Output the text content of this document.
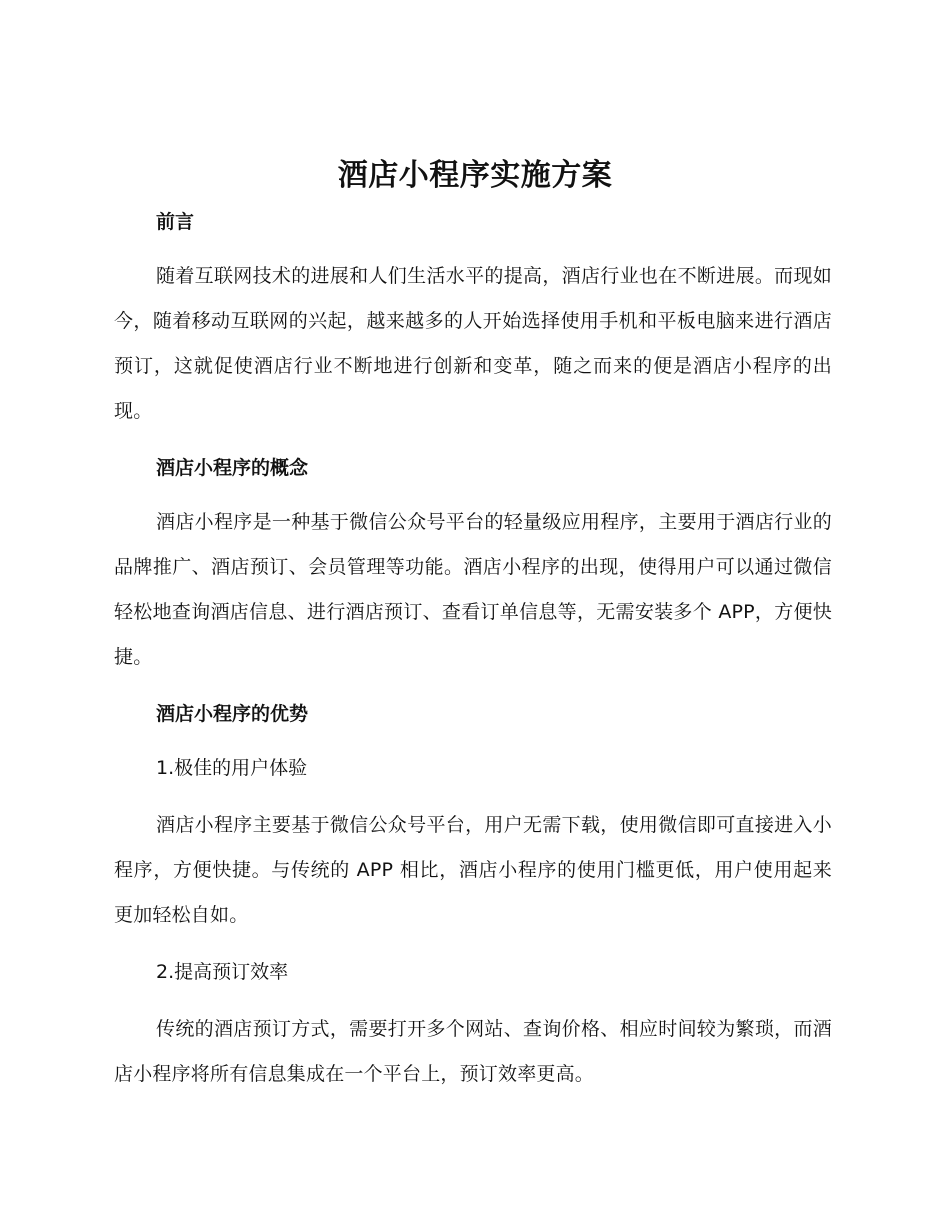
酒店小程序实施方案

前言

随着互联网技术的进展和人们生活水平的提高，酒店行业也在不断进展。而现如今，随着移动互联网的兴起，越来越多的人开始选择使用手机和平板电脑来进行酒店预订，这就促使酒店行业不断地进行创新和变革，随之而来的便是酒店小程序的出现。

酒店小程序的概念

酒店小程序是一种基于微信公众号平台的轻量级应用程序，主要用于酒店行业的品牌推广、酒店预订、会员管理等功能。酒店小程序的出现，使得用户可以通过微信轻松地查询酒店信息、进行酒店预订、查看订单信息等，无需安装多个 APP，方便快捷。

酒店小程序的优势

1.极佳的用户体验

酒店小程序主要基于微信公众号平台，用户无需下载，使用微信即可直接进入小程序，方便快捷。与传统的 APP 相比，酒店小程序的使用门槛更低，用户使用起来更加轻松自如。

2.提高预订效率

传统的酒店预订方式，需要打开多个网站、查询价格、相应时间较为繁琐，而酒店小程序将所有信息集成在一个平台上，预订效率更高。
